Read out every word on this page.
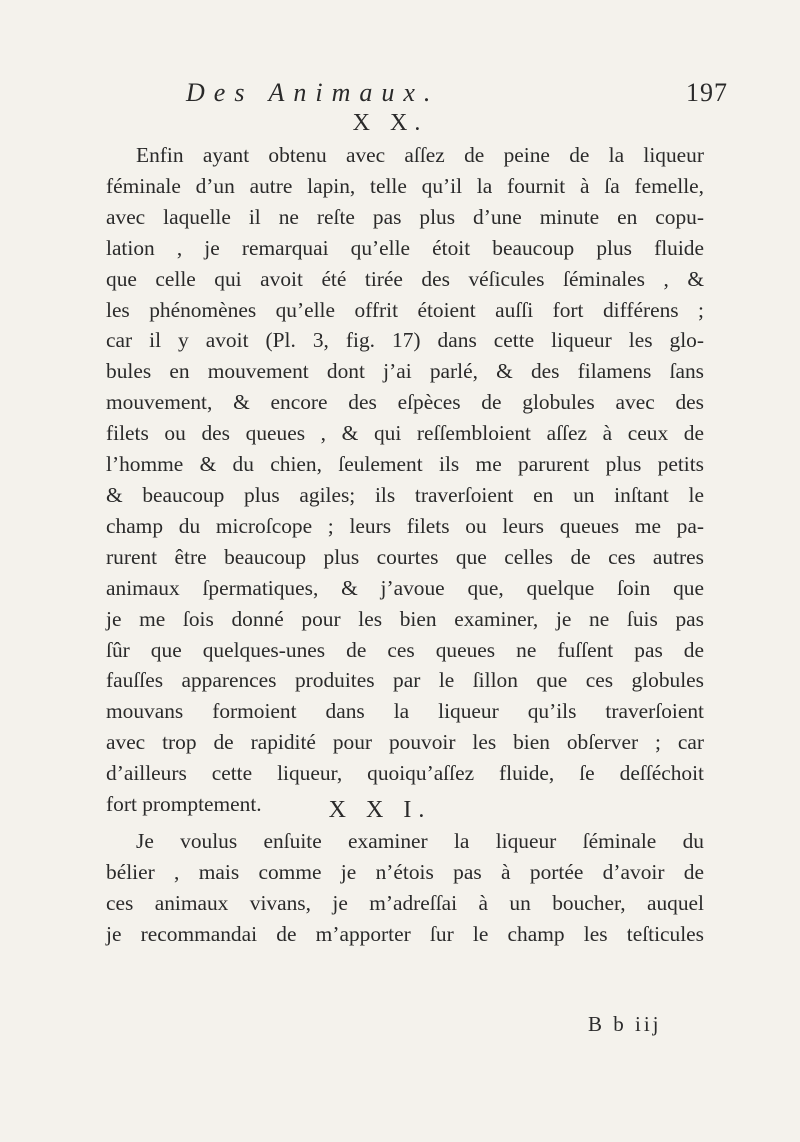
Des Animaux.	197
X X.

Enfin ayant obtenu avec aſſez de peine de la liqueur
féminale d’un autre lapin, telle qu’il la fournit à ſa femelle,
avec laquelle il ne reſte pas plus d’une minute en copu-
lation , je remarquai qu’elle étoit beaucoup plus fluide
que celle qui avoit été tirée des véſicules ſéminales , &
les phénomènes qu’elle offrit étoient auſſi fort différens ;
car il y avoit (Pl. 3, fig. 17) dans cette liqueur les glo-
bules en mouvement dont j’ai parlé, & des filamens ſans
mouvement, & encore des eſpèces de globules avec des
filets ou des queues , & qui reſſembloient aſſez à ceux de
l’homme & du chien, ſeulement ils me parurent plus petits
& beaucoup plus agiles; ils traverſoient en un inſtant le
champ du microſcope ; leurs filets ou leurs queues me pa-
rurent être beaucoup plus courtes que celles de ces autres
animaux ſpermatiques, & j’avoue que, quelque ſoin que
je me ſois donné pour les bien examiner, je ne ſuis pas
ſûr que quelques-unes de ces queues ne fuſſent pas de
fauſſes apparences produites par le ſillon que ces globules
mouvans formoient dans la liqueur qu’ils traverſoient
avec trop de rapidité pour pouvoir les bien obſerver ; car
d’ailleurs cette liqueur, quoiqu’aſſez fluide, ſe deſſéchoit
fort promptement.	X X I.

Je voulus enſuite examiner la liqueur ſéminale du
bélier , mais comme je n’étois pas à portée d’avoir de
ces animaux vivans, je m’adreſſai à un boucher, auquel
je recommandai de m’apporter ſur le champ les teſticules

B b iij
